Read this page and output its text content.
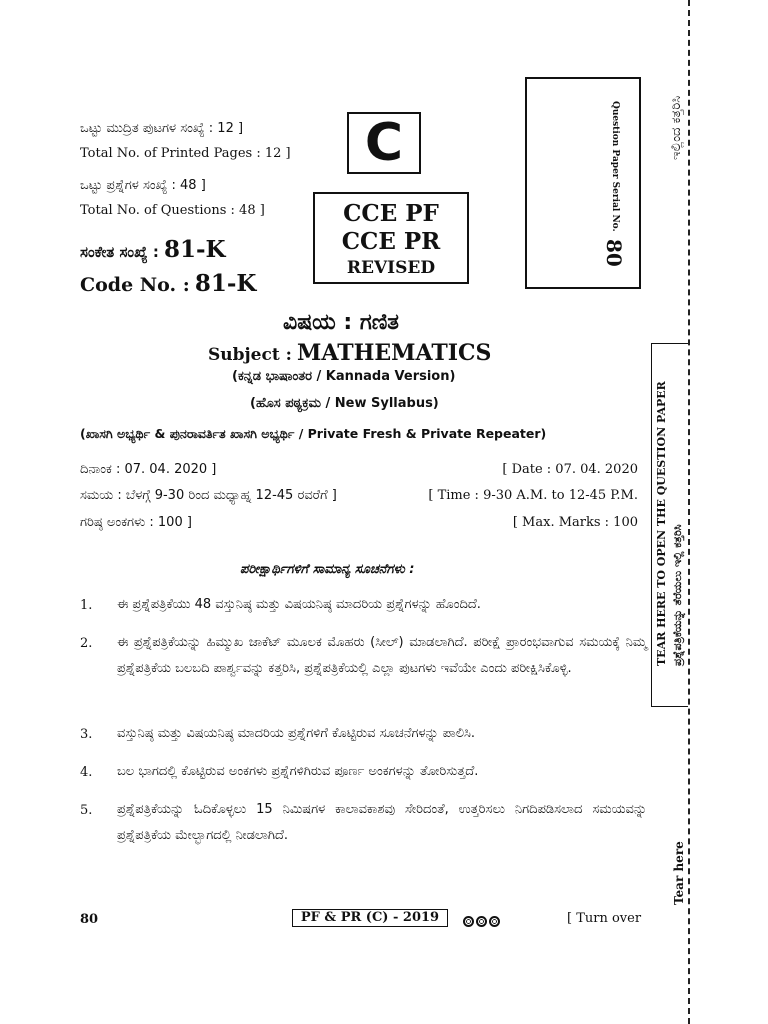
ಇಲ್ಲಿಂದ ಕತ್ತರಿಸಿ
ಒಟ್ಟು ಮುದ್ರಿತ ಪುಟಗಳ ಸಂಖ್ಯೆ : 12 ]
Total No. of Printed Pages : 12 ]
ಒಟ್ಟು ಪ್ರಶ್ನೆಗಳ ಸಂಖ್ಯೆ : 48 ]
Total No. of Questions : 48 ]
ಸಂಕೇತ ಸಂಖ್ಯೆ : 81-K
Code No. : 81-K
C
CCE PF
CCE PR
REVISED
Question Paper Serial No.
80
ವಿಷಯ : ಗಣಿತ
Subject : MATHEMATICS
(ಕನ್ನಡ ಭಾಷಾಂತರ / Kannada Version)
(ಹೊಸ ಪಠ್ಯಕ್ರಮ / New Syllabus)
(ಖಾಸಗಿ ಅಭ್ಯರ್ಥಿ & ಪುನರಾವರ್ತಿತ ಖಾಸಗಿ ಅಭ್ಯರ್ಥಿ / Private Fresh & Private Repeater)
ದಿನಾಂಕ : 07. 04. 2020 ]	[ Date : 07. 04. 2020
ಸಮಯ : ಬೆಳಗ್ಗೆ 9-30 ರಿಂದ ಮಧ್ಯಾಹ್ನ 12-45 ರವರೆಗೆ ]	[ Time : 9-30 A.M. to 12-45 P.M.
ಗರಿಷ್ಠ ಅಂಕಗಳು : 100 ]	[ Max. Marks : 100
ಪರೀಕ್ಷಾರ್ಥಿಗಳಿಗೆ ಸಾಮಾನ್ಯ ಸೂಚನೆಗಳು :
1. ಈ ಪ್ರಶ್ನೆಪತ್ರಿಕೆಯು 48 ವಸ್ತುನಿಷ್ಠ ಮತ್ತು ವಿಷಯನಿಷ್ಠ ಮಾದರಿಯ ಪ್ರಶ್ನೆಗಳನ್ನು ಹೊಂದಿದೆ.
2. ಈ ಪ್ರಶ್ನೆಪತ್ರಿಕೆಯನ್ನು ಹಿಮ್ಮುಖ ಜಾಕೆಟ್ ಮೂಲಕ ಮೊಹರು (ಸೀಲ್) ಮಾಡಲಾಗಿದೆ. ಪರೀಕ್ಷೆ ಪ್ರಾರಂಭವಾಗುವ ಸಮಯಕ್ಕೆ ನಿಮ್ಮ ಪ್ರಶ್ನೆಪತ್ರಿಕೆಯ ಬಲಬದಿ ಪಾರ್ಶ್ವವನ್ನು ಕತ್ತರಿಸಿ, ಪ್ರಶ್ನೆಪತ್ರಿಕೆಯಲ್ಲಿ ಎಲ್ಲಾ ಪುಟಗಳು ಇವೆಯೇ ಎಂದು ಪರೀಕ್ಷಿಸಿಕೊಳ್ಳಿ.
3. ವಸ್ತುನಿಷ್ಠ ಮತ್ತು ವಿಷಯನಿಷ್ಠ ಮಾದರಿಯ ಪ್ರಶ್ನೆಗಳಿಗೆ ಕೊಟ್ಟಿರುವ ಸೂಚನೆಗಳನ್ನು ಪಾಲಿಸಿ.
4. ಬಲ ಭಾಗದಲ್ಲಿ ಕೊಟ್ಟಿರುವ ಅಂಕಗಳು ಪ್ರಶ್ನೆಗಳಿಗಿರುವ ಪೂರ್ಣ ಅಂಕಗಳನ್ನು ತೋರಿಸುತ್ತದೆ.
5. ಪ್ರಶ್ನೆಪತ್ರಿಕೆಯನ್ನು ಓದಿಕೊಳ್ಳಲು 15 ನಿಮಿಷಗಳ ಕಾಲಾವಕಾಶವು ಸೇರಿದಂತೆ, ಉತ್ತರಿಸಲು ನಿಗದಿಪಡಿಸಲಾದ ಸಮಯವನ್ನು ಪ್ರಶ್ನೆಪತ್ರಿಕೆಯ ಮೇಲ್ಭಾಗದಲ್ಲಿ ನೀಡಲಾಗಿದೆ.
TEAR HERE TO OPEN THE QUESTION PAPER ಪ್ರಶ್ನೆಪತ್ರಿಕೆಯನ್ನು ತೆರೆಯಲು ಇಲ್ಲಿ ಕತ್ತರಿಸಿ
Tear here
80	PF & PR (C) - 2019	[ Turn over
